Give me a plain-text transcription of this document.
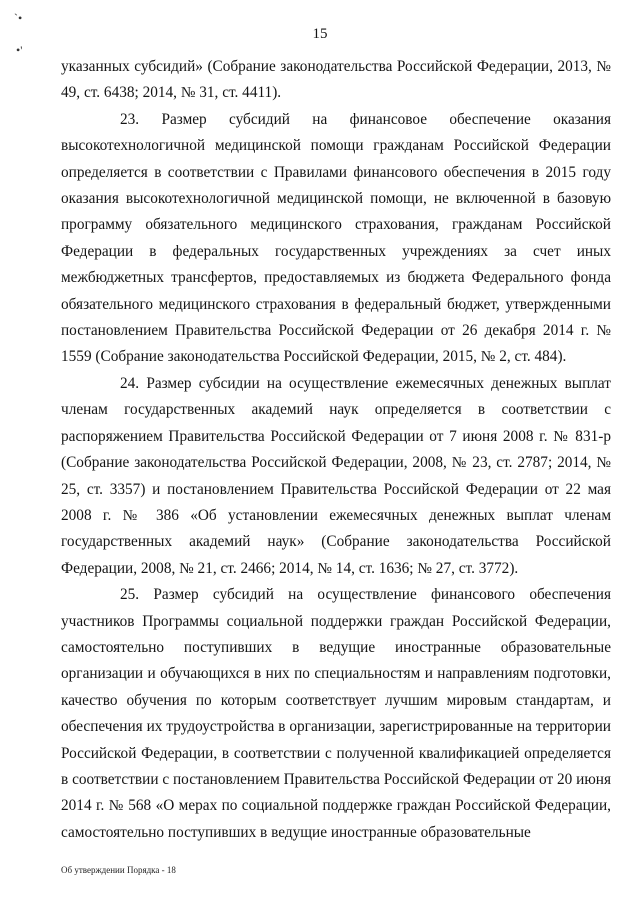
`•
•'
15

указанных субсидий» (Собрание законодательства Российской Федерации, 2013, № 49, ст. 6438; 2014, № 31, ст. 4411).

23. Размер субсидий на финансовое обеспечение оказания высокотехнологичной медицинской помощи гражданам Российской Федерации определяется в соответствии с Правилами финансового обеспечения в 2015 году оказания высокотехнологичной медицинской помощи, не включенной в базовую программу обязательного медицинского страхования, гражданам Российской Федерации в федеральных государственных учреждениях за счет иных межбюджетных трансфертов, предоставляемых из бюджета Федерального фонда обязательного медицинского страхования в федеральный бюджет, утвержденными постановлением Правительства Российской Федерации от 26 декабря 2014 г. № 1559 (Собрание законодательства Российской Федерации, 2015, № 2, ст. 484).

24. Размер субсидии на осуществление ежемесячных денежных выплат членам государственных академий наук определяется в соответствии с распоряжением Правительства Российской Федерации от 7 июня 2008 г. № 831-р (Собрание законодательства Российской Федерации, 2008, № 23, ст. 2787; 2014, № 25, ст. 3357) и постановлением Правительства Российской Федерации от 22 мая 2008 г. № 386 «Об установлении ежемесячных денежных выплат членам государственных академий наук» (Собрание законодательства Российской Федерации, 2008, № 21, ст. 2466; 2014, № 14, ст. 1636; № 27, ст. 3772).

25. Размер субсидий на осуществление финансового обеспечения участников Программы социальной поддержки граждан Российской Федерации, самостоятельно поступивших в ведущие иностранные образовательные организации и обучающихся в них по специальностям и направлениям подготовки, качество обучения по которым соответствует лучшим мировым стандартам, и обеспечения их трудоустройства в организации, зарегистрированные на территории Российской Федерации, в соответствии с полученной квалификацией определяется в соответствии с постановлением Правительства Российской Федерации от 20 июня 2014 г. № 568 «О мерах по социальной поддержке граждан Российской Федерации, самостоятельно поступивших в ведущие иностранные образовательные

Об утверждении Порядка - 18
